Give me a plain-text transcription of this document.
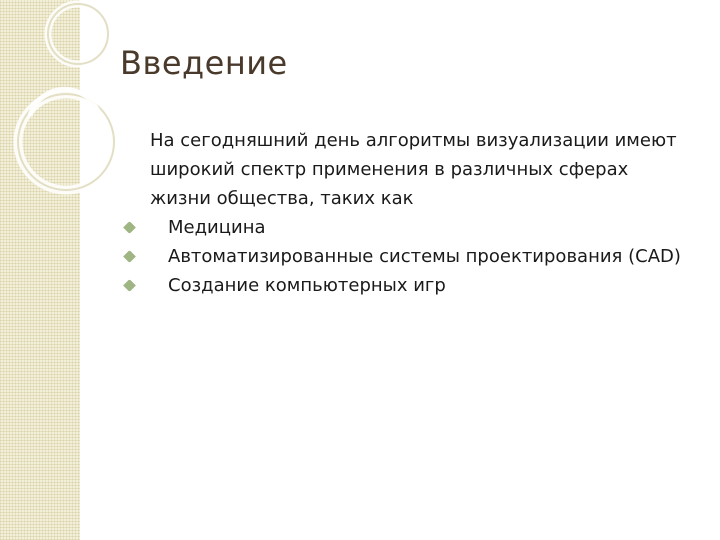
Введение

На сегодняшний день алгоритмы визуализации имеют широкий спектр применения в различных сферах жизни общества, таких как

Медицина
Автоматизированные системы проектирования (CAD)
Создание компьютерных игр
